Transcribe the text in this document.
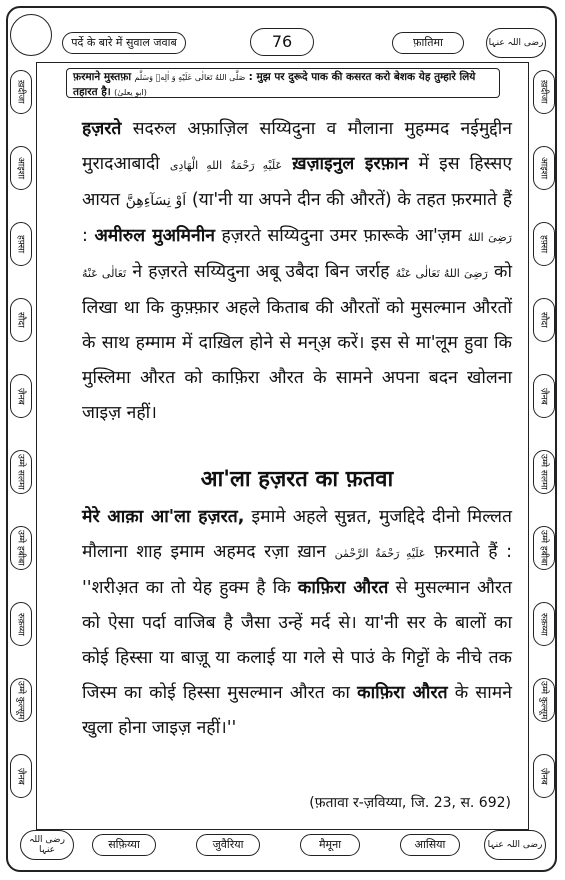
पर्दे के बारे में सुवाल जवाब	76	फ़ातिमा	رضی اللہ عنہا
फ़रमाने मुस्तफ़ा صَلَّى اللهُ تَعَالٰى عَلَيْهِ وَ اٰلِهٖ وَسَلَّم : मुझ पर दुरूदे पाक की कसरत करो बेशक येह तुम्हारे लिये तहारत है। (ابو یعلیٰ)
ख़दीजा
आइशा
हफ़्सा
सौदा
ज़ैनब
उम्मे सलमा
उम्मे हबीबा
रुक़य्या
उम्मे कुल्सूम
ज़ैनब
ख़दीजा
आइशा
हफ़्सा
सौदा
ज़ैनब
उम्मे सलमा
उम्मे हबीबा
रुक़य्या
उम्मे कुल्सूम
ज़ैनब
हज़रते सदरुल अफ़ाज़िल सय्यिदुना व मौलाना मुहम्मद नईमुद्दीन मुरादआबादी عَلَيْهِ رَحْمَةُ اللهِ الْهَادِى ख़ज़ाइनुल इरफ़ान में इस हिस्सए आयत اَوْ نِسَآءِهِنَّ (या'नी या अपने दीन की औरतें) के तहत फ़रमाते हैं : अमीरुल मुअमिनीन हज़रते सय्यिदुना उमर फ़ारूके आ'ज़म رَضِىَ اللهُ تَعَالٰى عَنْهُ ने हज़रते सय्यिदुना अबू उबैदा बिन जर्राह رَضِىَ اللهُ تَعَالٰى عَنْهُ को लिखा था कि कुफ़्फ़ार अहले किताब की औरतों को मुसल्मान औरतों के साथ हम्माम में दाख़िल होने से मन्अ़ करें। इस से मा'लूम हुवा कि मुस्लिमा औरत को काफ़िरा औरत के सामने अपना बदन खोलना जाइज़ नहीं।
आ'ला हज़रत का फ़तवा
मेरे आक़ा आ'ला हज़रत, इमामे अहले सुन्नत, मुजद्दिदे दीनो मिल्लत मौलाना शाह इमाम अहमद रज़ा ख़ान عَلَيْهِ رَحْمَةُ الرَّحْمٰن फ़रमाते हैं : ''शरीअ़त का तो येह हुक्म है कि काफ़िरा औरत से मुसल्मान औरत को ऐसा पर्दा वाजिब है जैसा उन्हें मर्द से। या'नी सर के बालों का कोई हिस्सा या बाज़ू या कलाई या गले से पाउं के गिट्टों के नीचे तक जिस्म का कोई हिस्सा मुसल्मान औरत का काफ़िरा औरत के सामने खुला होना जाइज़ नहीं।''
(फ़तावा र-ज़विय्या, जि. 23, स. 692)
رضی اللہ عنہا	सफ़िय्या	जुवैरिया	मैमूना	आसिया	رضی اللہ عنہا
